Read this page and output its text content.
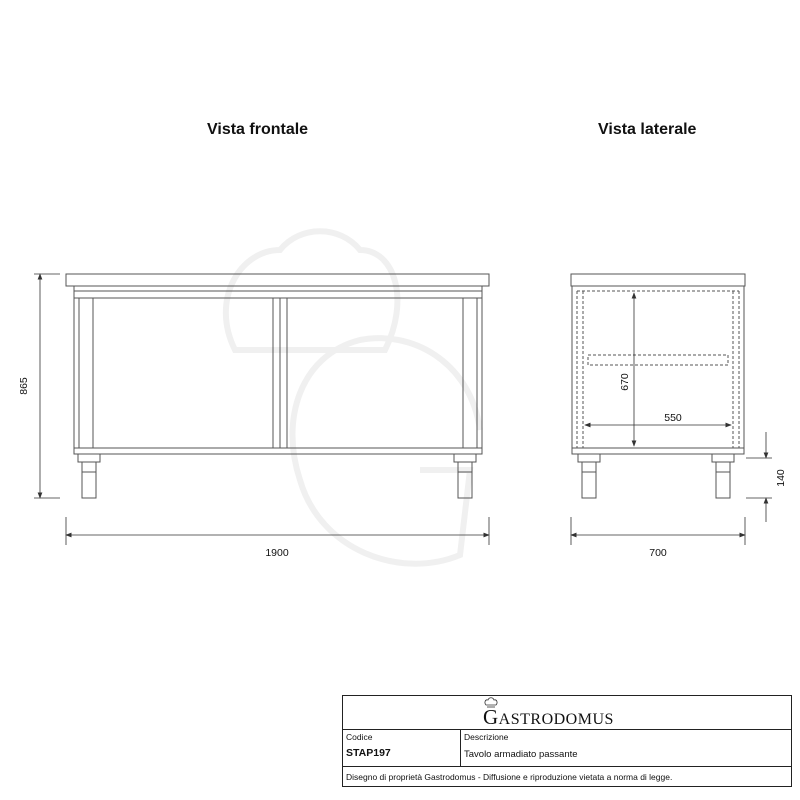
Vista frontale	Vista laterale
1900
865
700
670
550
140
GASTRODOMUS
Codice
STAP197
Descrizione
Tavolo armadiato passante
Disegno di proprietà Gastrodomus - Diffusione e riproduzione vietata a norma di legge.
